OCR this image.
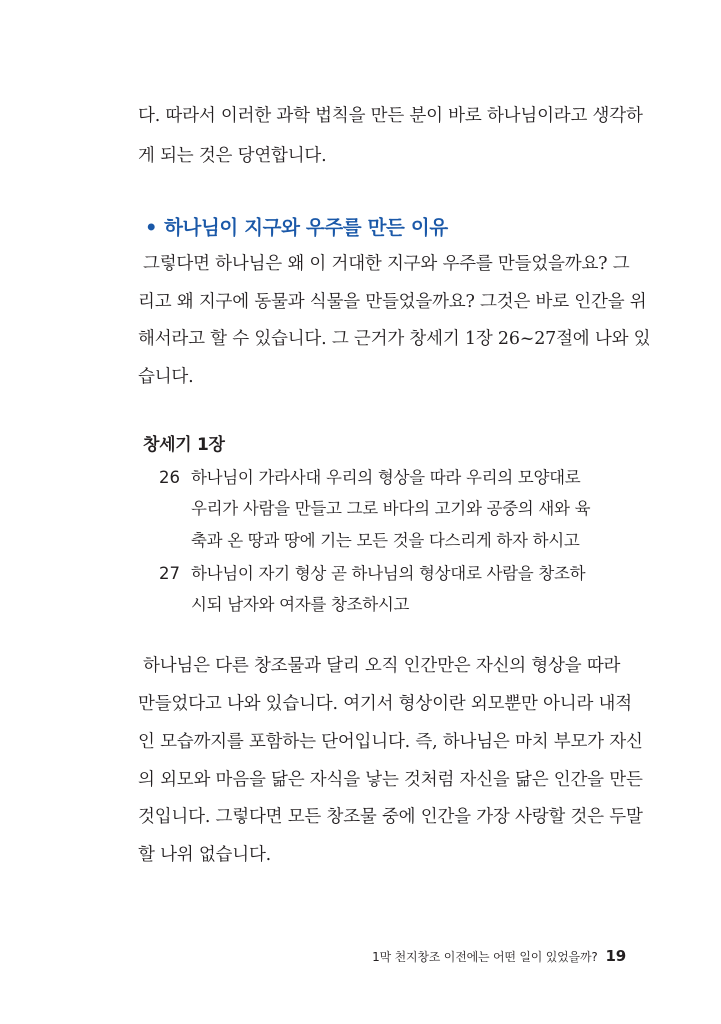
다. 따라서 이러한 과학 법칙을 만든 분이 바로 하나님이라고 생각하
게 되는 것은 당연합니다.
• 하나님이 지구와 우주를 만든 이유
그렇다면 하나님은 왜 이 거대한 지구와 우주를 만들었을까요? 그
리고 왜 지구에 동물과 식물을 만들었을까요? 그것은 바로 인간을 위
해서라고 할 수 있습니다. 그 근거가 창세기 1장 26~27절에 나와 있
습니다.
창세기 1장
26 하나님이 가라사대 우리의 형상을 따라 우리의 모양대로
우리가 사람을 만들고 그로 바다의 고기와 공중의 새와 육
축과 온 땅과 땅에 기는 모든 것을 다스리게 하자 하시고
27 하나님이 자기 형상 곧 하나님의 형상대로 사람을 창조하
시되 남자와 여자를 창조하시고
하나님은 다른 창조물과 달리 오직 인간만은 자신의 형상을 따라
만들었다고 나와 있습니다. 여기서 형상이란 외모뿐만 아니라 내적
인 모습까지를 포함하는 단어입니다. 즉, 하나님은 마치 부모가 자신
의 외모와 마음을 닮은 자식을 낳는 것처럼 자신을 닮은 인간을 만든
것입니다. 그렇다면 모든 창조물 중에 인간을 가장 사랑할 것은 두말
할 나위 없습니다.
1막 천지창조 이전에는 어떤 일이 있었을까? 19
